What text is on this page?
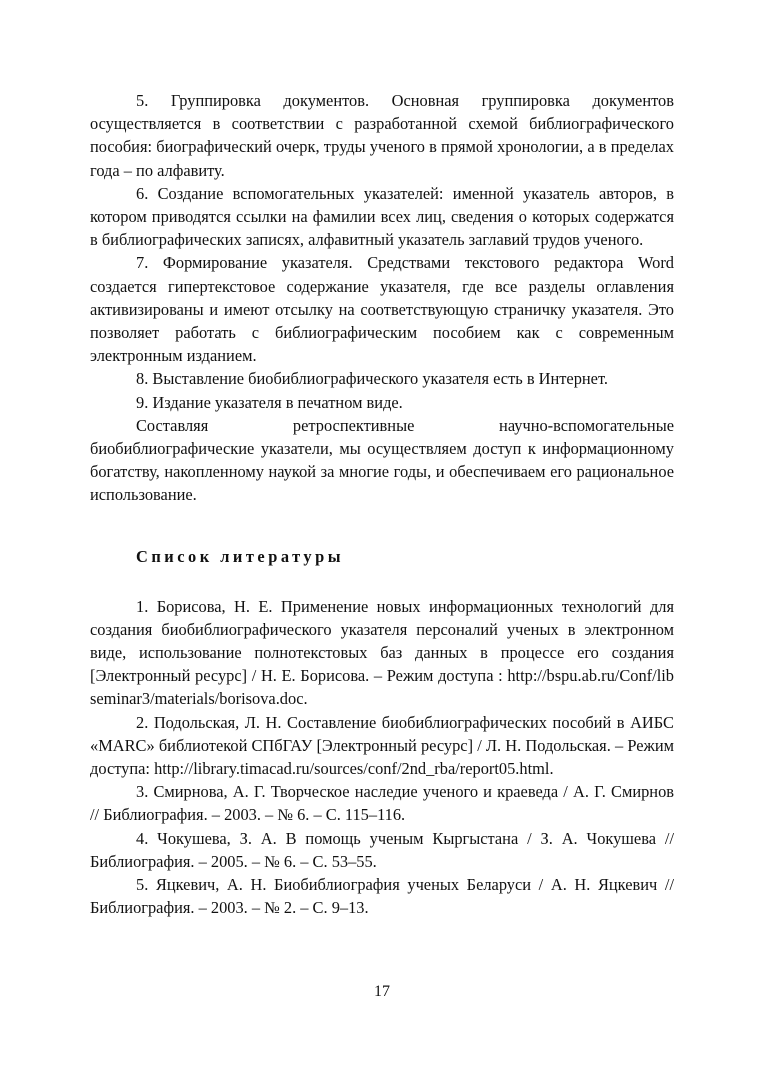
5. Группировка документов. Основная группировка документов осуществляется в соответствии с разработанной схемой библиографического пособия: биографический очерк, труды ученого в прямой хронологии, а в пределах года – по алфавиту.

6. Создание вспомогательных указателей: именной указатель авторов, в котором приводятся ссылки на фамилии всех лиц, сведения о которых содержатся в библиографических записях, алфавитный указатель заглавий трудов ученого.

7. Формирование указателя. Средствами текстового редактора Word создается гипертекстовое содержание указателя, где все разделы оглавления активизированы и имеют отсылку на соответствующую страничку указателя. Это позволяет работать с библиографическим пособием как с современным электронным изданием.

8. Выставление биобиблиографического указателя есть в Интернет.

9. Издание указателя в печатном виде.

Составляя ретроспективные научно-вспомогательные биобиблиографические указатели, мы осуществляем доступ к информационному богатству, накопленному наукой за многие годы, и обеспечиваем его рациональное использование.

Список литературы

1. Борисова, Н. Е. Применение новых информационных технологий для создания биобиблиографического указателя персоналий ученых в электронном виде, использование полнотекстовых баз данных в процессе его создания [Электронный ресурс] / Н. Е. Борисова. – Режим доступа : http://bspu.ab.ru/Conf/libseminar3/materials/borisova.doc.

2. Подольская, Л. Н. Составление биобиблиографических пособий в АИБС «MARC» библиотекой СПбГАУ [Электронный ресурс] / Л. Н. Подольская. – Режим доступа: http://library.timacad.ru/sources/conf/2nd_rba/report05.html.

3. Смирнова, А. Г. Творческое наследие ученого и краеведа / А. Г. Смирнов // Библиография. – 2003. – № 6. – С. 115–116.

4. Чокушева, З. А. В помощь ученым Кыргыстана / З. А. Чокушева // Библиография. – 2005. – № 6. – С. 53–55.

5. Яцкевич, А. Н. Биобиблиография ученых Беларуси / А. Н. Яцкевич // Библиография. – 2003. – № 2. – С. 9–13.

17
